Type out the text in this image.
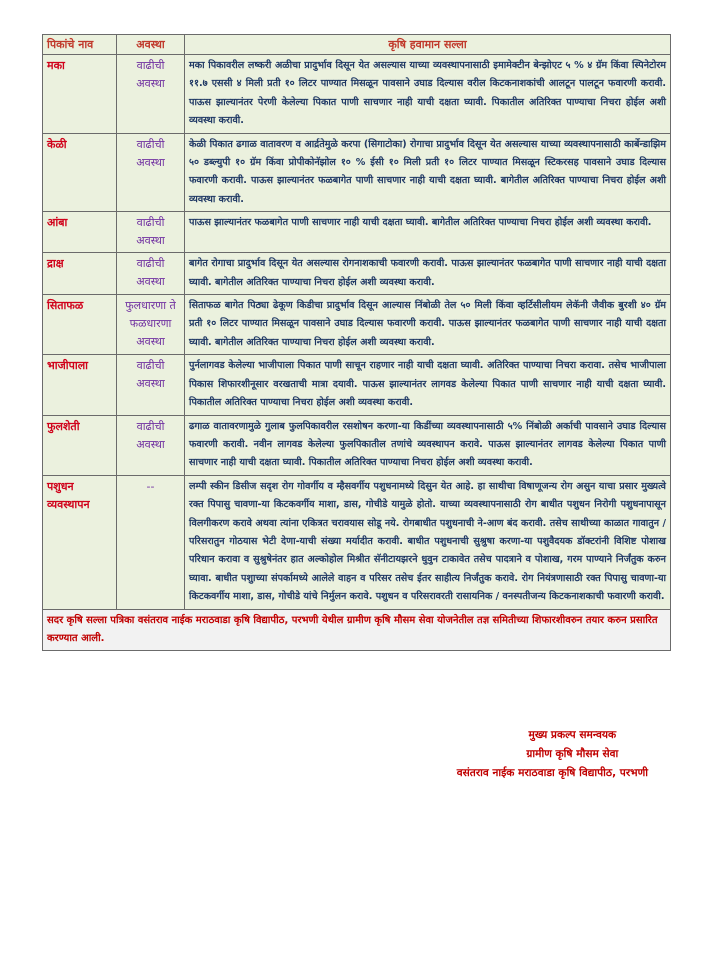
पिकांचे नाव	अवस्था	कृषि हवामान सल्ला
मका	वाढीची अवस्था	मका पिकावरील लष्करी अळीचा प्रादुर्भाव दिसून येत असल्यास याच्या व्यवस्थापनासाठी इमामेक्टीन बेन्झोएट ५ % ४ ग्रॅम किंवा स्पिनेटोरम ११.७ एससी ४ मिली प्रती १० लिटर पाण्यात मिसळून पावसाने उघाड दिल्यास वरील किटकनाशकांची आलटून पालटून फवारणी करावी. पाऊस झाल्यानंतर पेरणी केलेल्या पिकात पाणी साचणार नाही याची दक्षता घ्यावी. पिकातील अतिरिक्त पाण्याचा निचरा होईल अशी व्यवस्था करावी.
केळी	वाढीची अवस्था	केळी पिकात ढगाळ वातावरण व आर्द्रतेमुळे करपा (सिगाटोका) रोगाचा प्रादुर्भाव दिसून येत असल्यास याच्या व्यवस्थापनासाठी कार्बेन्डाझिम ५० डब्ल्युपी १० ग्रॅम किंवा प्रोपीकोनॅझोल १० % ईसी १० मिली प्रती १० लिटर पाण्यात मिसळून स्टिकरसह पावसाने उघाड दिल्यास फवारणी करावी. पाऊस झाल्यानंतर फळबागेत पाणी साचणार नाही याची दक्षता घ्यावी. बागेतील अतिरिक्त पाण्याचा निचरा होईल अशी व्यवस्था करावी.
आंबा	वाढीची अवस्था	पाऊस झाल्यानंतर फळबागेत पाणी साचणार नाही याची दक्षता घ्यावी. बागेतील अतिरिक्त पाण्याचा निचरा होईल अशी व्यवस्था करावी.
द्राक्ष	वाढीची अवस्था	बागेत रोगाचा प्रादुर्भाव दिसून येत असल्यास रोगनाशकाची फवारणी करावी. पाऊस झाल्यानंतर फळबागेत पाणी साचणार नाही याची दक्षता घ्यावी. बागेतील अतिरिक्त पाण्याचा निचरा होईल अशी व्यवस्था करावी.
सिताफळ	फुलधारणा ते फळधारणा अवस्था	सिताफळ बागेत पिठ्या ढेकूण किडीचा प्रादुर्भाव दिसून आल्यास निंबोळी तेल ५० मिली किंवा व्हर्टिसीलीयम लेकॅनी जैवीक बुरशी ४० ग्रॅम प्रती १० लिटर पाण्यात मिसळून पावसाने उघाड दिल्यास फवारणी करावी. पाऊस झाल्यानंतर फळबागेत पाणी साचणार नाही याची दक्षता घ्यावी. बागेतील अतिरिक्त पाण्याचा निचरा होईल अशी व्यवस्था करावी.
भाजीपाला	वाढीची अवस्था	पुर्नलागवड केलेल्या भाजीपाला पिकात पाणी साचून राहणार नाही याची दक्षता घ्यावी. अतिरिक्त पाण्याचा निचरा करावा. तसेच भाजीपाला पिकास शिफारशीनूसार वरखताची मात्रा दयावी. पाऊस झाल्यानंतर लागवड केलेल्या पिकात पाणी साचणार नाही याची दक्षता घ्यावी. पिकातील अतिरिक्त पाण्याचा निचरा होईल अशी व्यवस्था करावी.
फुलशेती	वाढीची अवस्था	ढगाळ वातावरणामुळे गुलाब फुलपिकावरील रसशोषन करणा-या किडींच्या व्यवस्थापनासाठी ५% निंबोळी अर्काची पावसाने उघाड दिल्यास फवारणी करावी. नवीन लागवड केलेल्या फुलपिकातील तणांचे व्यवस्थापन करावे. पाऊस झाल्यानंतर लागवड केलेल्या पिकात पाणी साचणार नाही याची दक्षता घ्यावी. पिकातील अतिरिक्त पाण्याचा निचरा होईल अशी व्यवस्था करावी.
पशुधन व्यवस्थापन	--	लम्पी स्कीन डिसीज सदृश रोग गोवर्गीय व म्हैसवर्गीय पशुधनामध्ये दिसुन येत आहे. हा साथीचा विषाणूजन्य रोग असुन याचा प्रसार मुख्यत्वे रक्त पिपासु चावणा-या किटकवर्गीय माशा, डास, गोचीडे यामुळे होतो. याच्या व्यवस्थापनासाठी रोग बाधीत पशुधन निरोगी पशुधनापासून विलगीकरण करावे अथवा त्यांना एकित्रत चरावयास सोडू नये. रोगबाधीत पशुधनाची ने-आण बंद करावी. तसेच साथीच्या काळात गावातुन / परिसरातुन गोठयास भेटी देणा-याची संख्या मर्यादीत करावी. बाधीत पशुधनाची सुश्रुषा करणा-या पशुवैदयक डॉक्टरांनी विशिष्ट पोशाख परिधान करावा व सुश्रुषेनंतर हात अल्कोहोल मिश्रीत सॅनीटायझरने धुवुन टाकावेत तसेच पादत्राने व पोशाख, गरम पाण्याने निर्जंतुक करुन घ्यावा. बाधीत पशुाच्या संपर्कामध्ये आलेले वाहन व परिसर तसेच ईतर साहीत्य निर्जंतुक करावे. रोग नियंत्रणासाठी रक्त पिपासु चावणा-या किटकवर्गीय माशा, डास, गोचीडे यांचे निर्मुलन करावे. पशुधन व परिसरावरती रासायनिक / वनस्पतीजन्य किटकनाशकाची फवारणी करावी.
सदर कृषि सल्ला पत्रिका वसंतराव नाईक मराठवाडा कृषि विद्यापीठ, परभणी येथील ग्रामीण कृषि मौसम सेवा योजनेतील तज्ञ समितीच्या शिफारशीवरुन तयार करुन प्रसारित करण्यात आली.		
मुख्य प्रकल्प समन्वयक
ग्रामीण कृषि मौसम सेवा
वसंतराव नाईक मराठवाडा कृषि विद्यापीठ, परभणी
